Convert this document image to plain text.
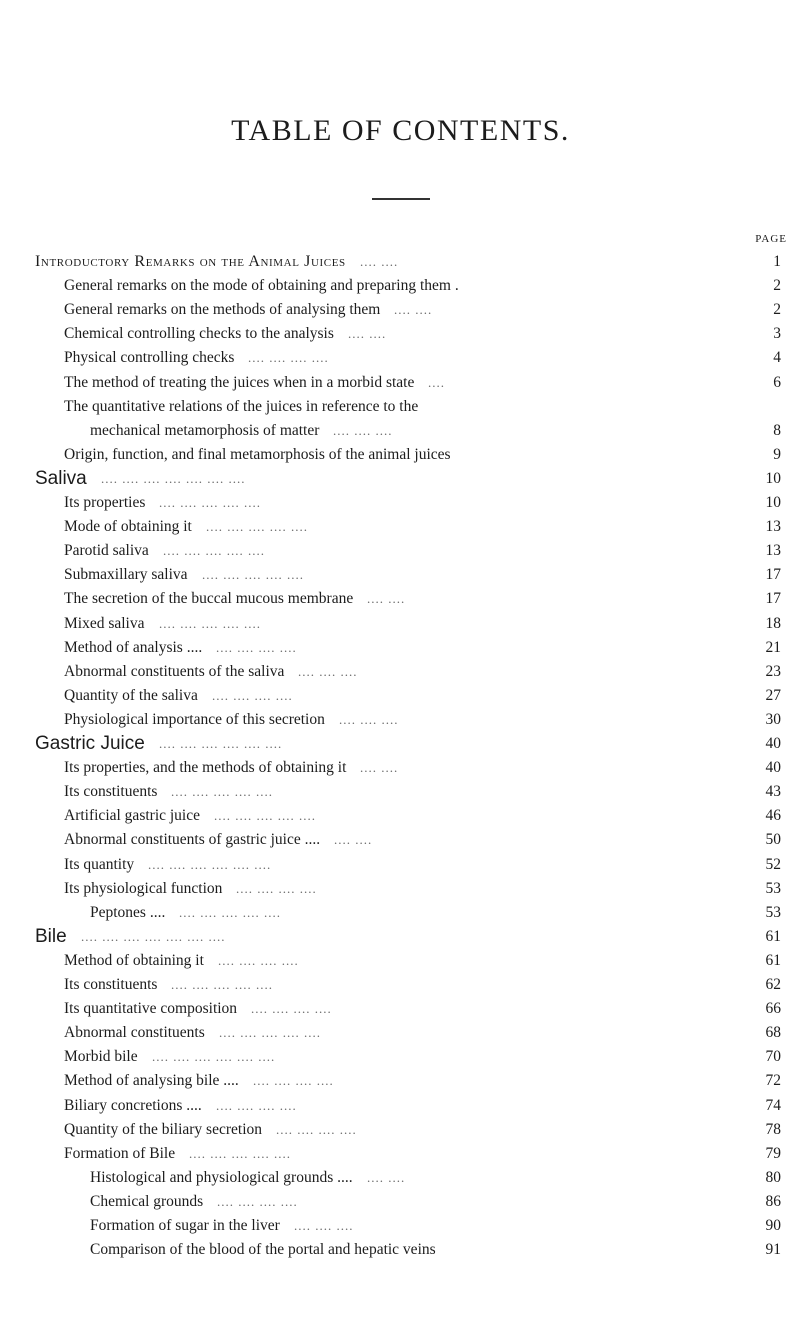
TABLE OF CONTENTS.
PAGE
Introductory Remarks on the Animal Juices	1
.... ....
General remarks on the mode of obtaining and preparing them .	2
General remarks on the methods of analysing them	2
.... ....
Chemical controlling checks to the analysis	3
.... ....
Physical controlling checks	4
.... .... .... ....
The method of treating the juices when in a morbid state	6
....
The quantitative relations of the juices in reference to the
mechanical metamorphosis of matter	8
.... .... ....
Origin, function, and final metamorphosis of the animal juices	9
Saliva	10
.... .... .... .... .... .... ....
Its properties	10
.... .... .... .... ....
Mode of obtaining it	13
.... .... .... .... ....
Parotid saliva	13
.... .... .... .... ....
Submaxillary saliva	17
.... .... .... .... ....
The secretion of the buccal mucous membrane	17
.... ....
Mixed saliva	18
.... .... .... .... ....
Method of analysis ....	21
.... .... .... ....
Abnormal constituents of the saliva	23
.... .... ....
Quantity of the saliva	27
.... .... .... ....
Physiological importance of this secretion	30
.... .... ....
Gastric Juice	40
.... .... .... .... .... ....
Its properties, and the methods of obtaining it	40
.... ....
Its constituents	43
.... .... .... .... ....
Artificial gastric juice	46
.... .... .... .... ....
Abnormal constituents of gastric juice ....	50
.... ....
Its quantity	52
.... .... .... .... .... ....
Its physiological function	53
.... .... .... ....
Peptones ....	53
.... .... .... .... ....
Bile	61
.... .... .... .... .... .... ....
Method of obtaining it	61
.... .... .... ....
Its constituents	62
.... .... .... .... ....
Its quantitative composition	66
.... .... .... ....
Abnormal constituents	68
.... .... .... .... ....
Morbid bile	70
.... .... .... .... .... ....
Method of analysing bile ....	72
.... .... .... ....
Biliary concretions ....	74
.... .... .... ....
Quantity of the biliary secretion	78
.... .... .... ....
Formation of Bile	79
.... .... .... .... ....
Histological and physiological grounds ....	80
.... ....
Chemical grounds	86
.... .... .... ....
Formation of sugar in the liver	90
.... .... ....
Comparison of the blood of the portal and hepatic veins	91
